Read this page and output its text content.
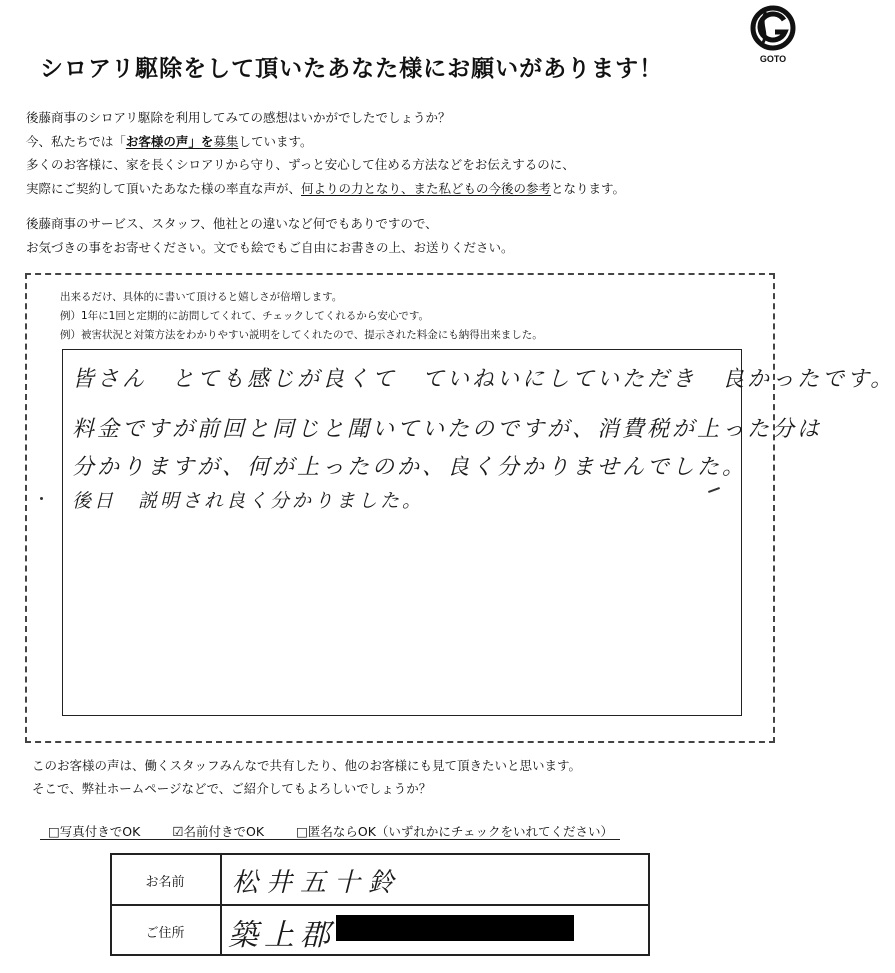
シロアリ駆除をして頂いたあなた様にお願いがあります！	GOTO
後藤商事のシロアリ駆除を利用してみての感想はいかがでしたでしょうか？
今、私たちでは「お客様の声」を募集しています。
多くのお客様に、家を長くシロアリから守り、ずっと安心して住める方法などをお伝えするのに、
実際にご契約して頂いたあなた様の率直な声が、何よりの力となり、また私どもの今後の参考となります。
後藤商事のサービス、スタッフ、他社との違いなど何でもありですので、
お気づきの事をお寄せください。文でも絵でもご自由にお書きの上、お送りください。
出来るだけ、具体的に書いて頂けると嬉しさが倍増します。
例）1年に1回と定期的に訪問してくれて、チェックしてくれるから安心です。
例）被害状況と対策方法をわかりやすい説明をしてくれたので、提示された料金にも納得出来ました。
皆さん　とても感じが良くて　ていねいにしていただき　良かったです。
料金ですが前回と同じと聞いていたのですが、消費税が上った分は
分かりますが、何が上ったのか、良く分かりませんでした。
後日　説明され良く分かりました。
このお客様の声は、働くスタッフみんなで共有したり、他のお客様にも見て頂きたいと思います。
そこで、弊社ホームページなどで、ご紹介してもよろしいでしょうか？
□写真付きでOK	☑名前付きでOK	□匿名ならOK（いずれかにチェックをいれてください）
お名前	松井五十鈴
ご住所	築上郡
